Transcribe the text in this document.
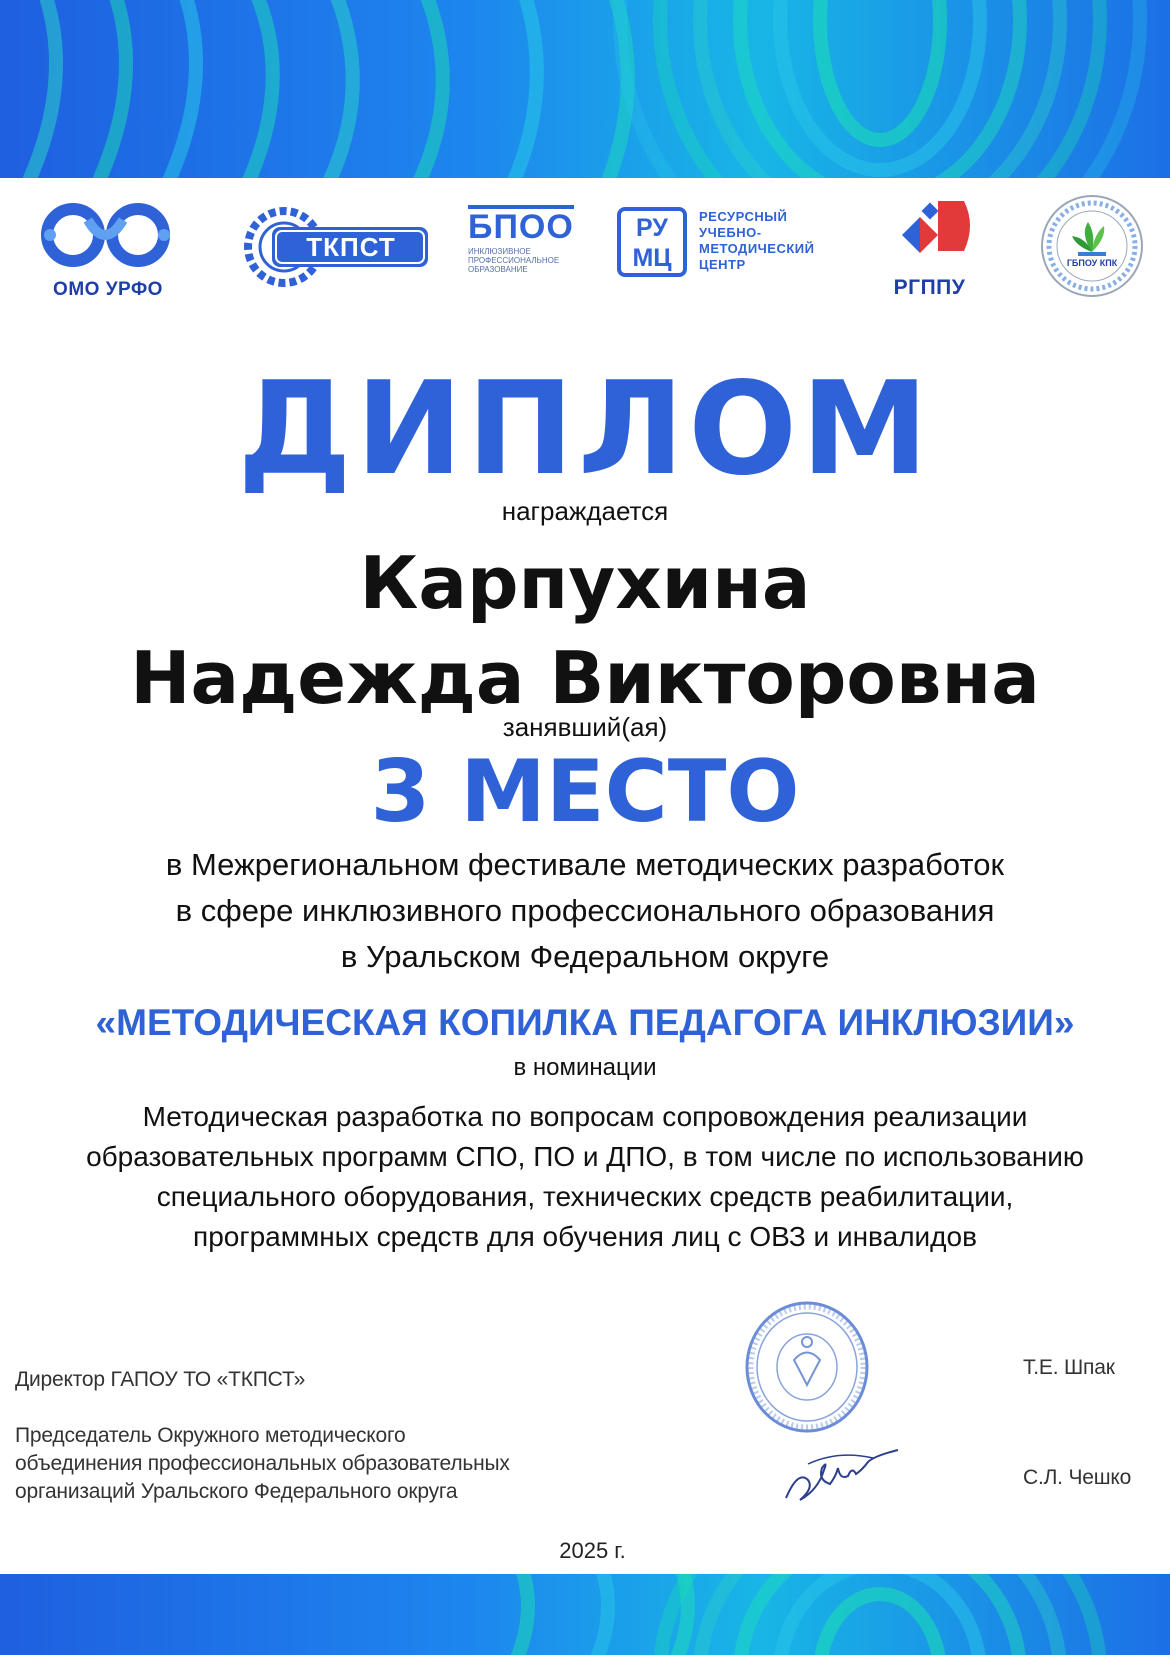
ОМО УРФО
ТКПСТ
БПОО
ИНКЛЮЗИВНОЕ
ПРОФЕССИОНАЛЬНОЕ
ОБРАЗОВАНИЕ
РУ
МЦ
РЕСУРСНЫЙ
УЧЕБНО-
МЕТОДИЧЕСКИЙ
ЦЕНТР
РГППУ
ГБПОУ КПК
ДИПЛОМ
награждается
Карпухина
Надежда Викторовна
занявший(ая)
3 МЕСТО
в Межрегиональном фестивале методических разработок
в сфере инклюзивного профессионального образования
в Уральском Федеральном округе
«МЕТОДИЧЕСКАЯ КОПИЛКА ПЕДАГОГА ИНКЛЮЗИИ»
в номинации
Методическая разработка по вопросам сопровождения реализации образовательных программ СПО, ПО и ДПО, в том числе по использованию специального оборудования, технических средств реабилитации, программных средств для обучения лиц с ОВЗ и инвалидов
Директор ГАПОУ ТО «ТКПСТ»
Т.Е. Шпак
Председатель Окружного методического
объединения профессиональных образовательных
организаций Уральского Федерального округа
С.Л. Чешко
2025 г.
